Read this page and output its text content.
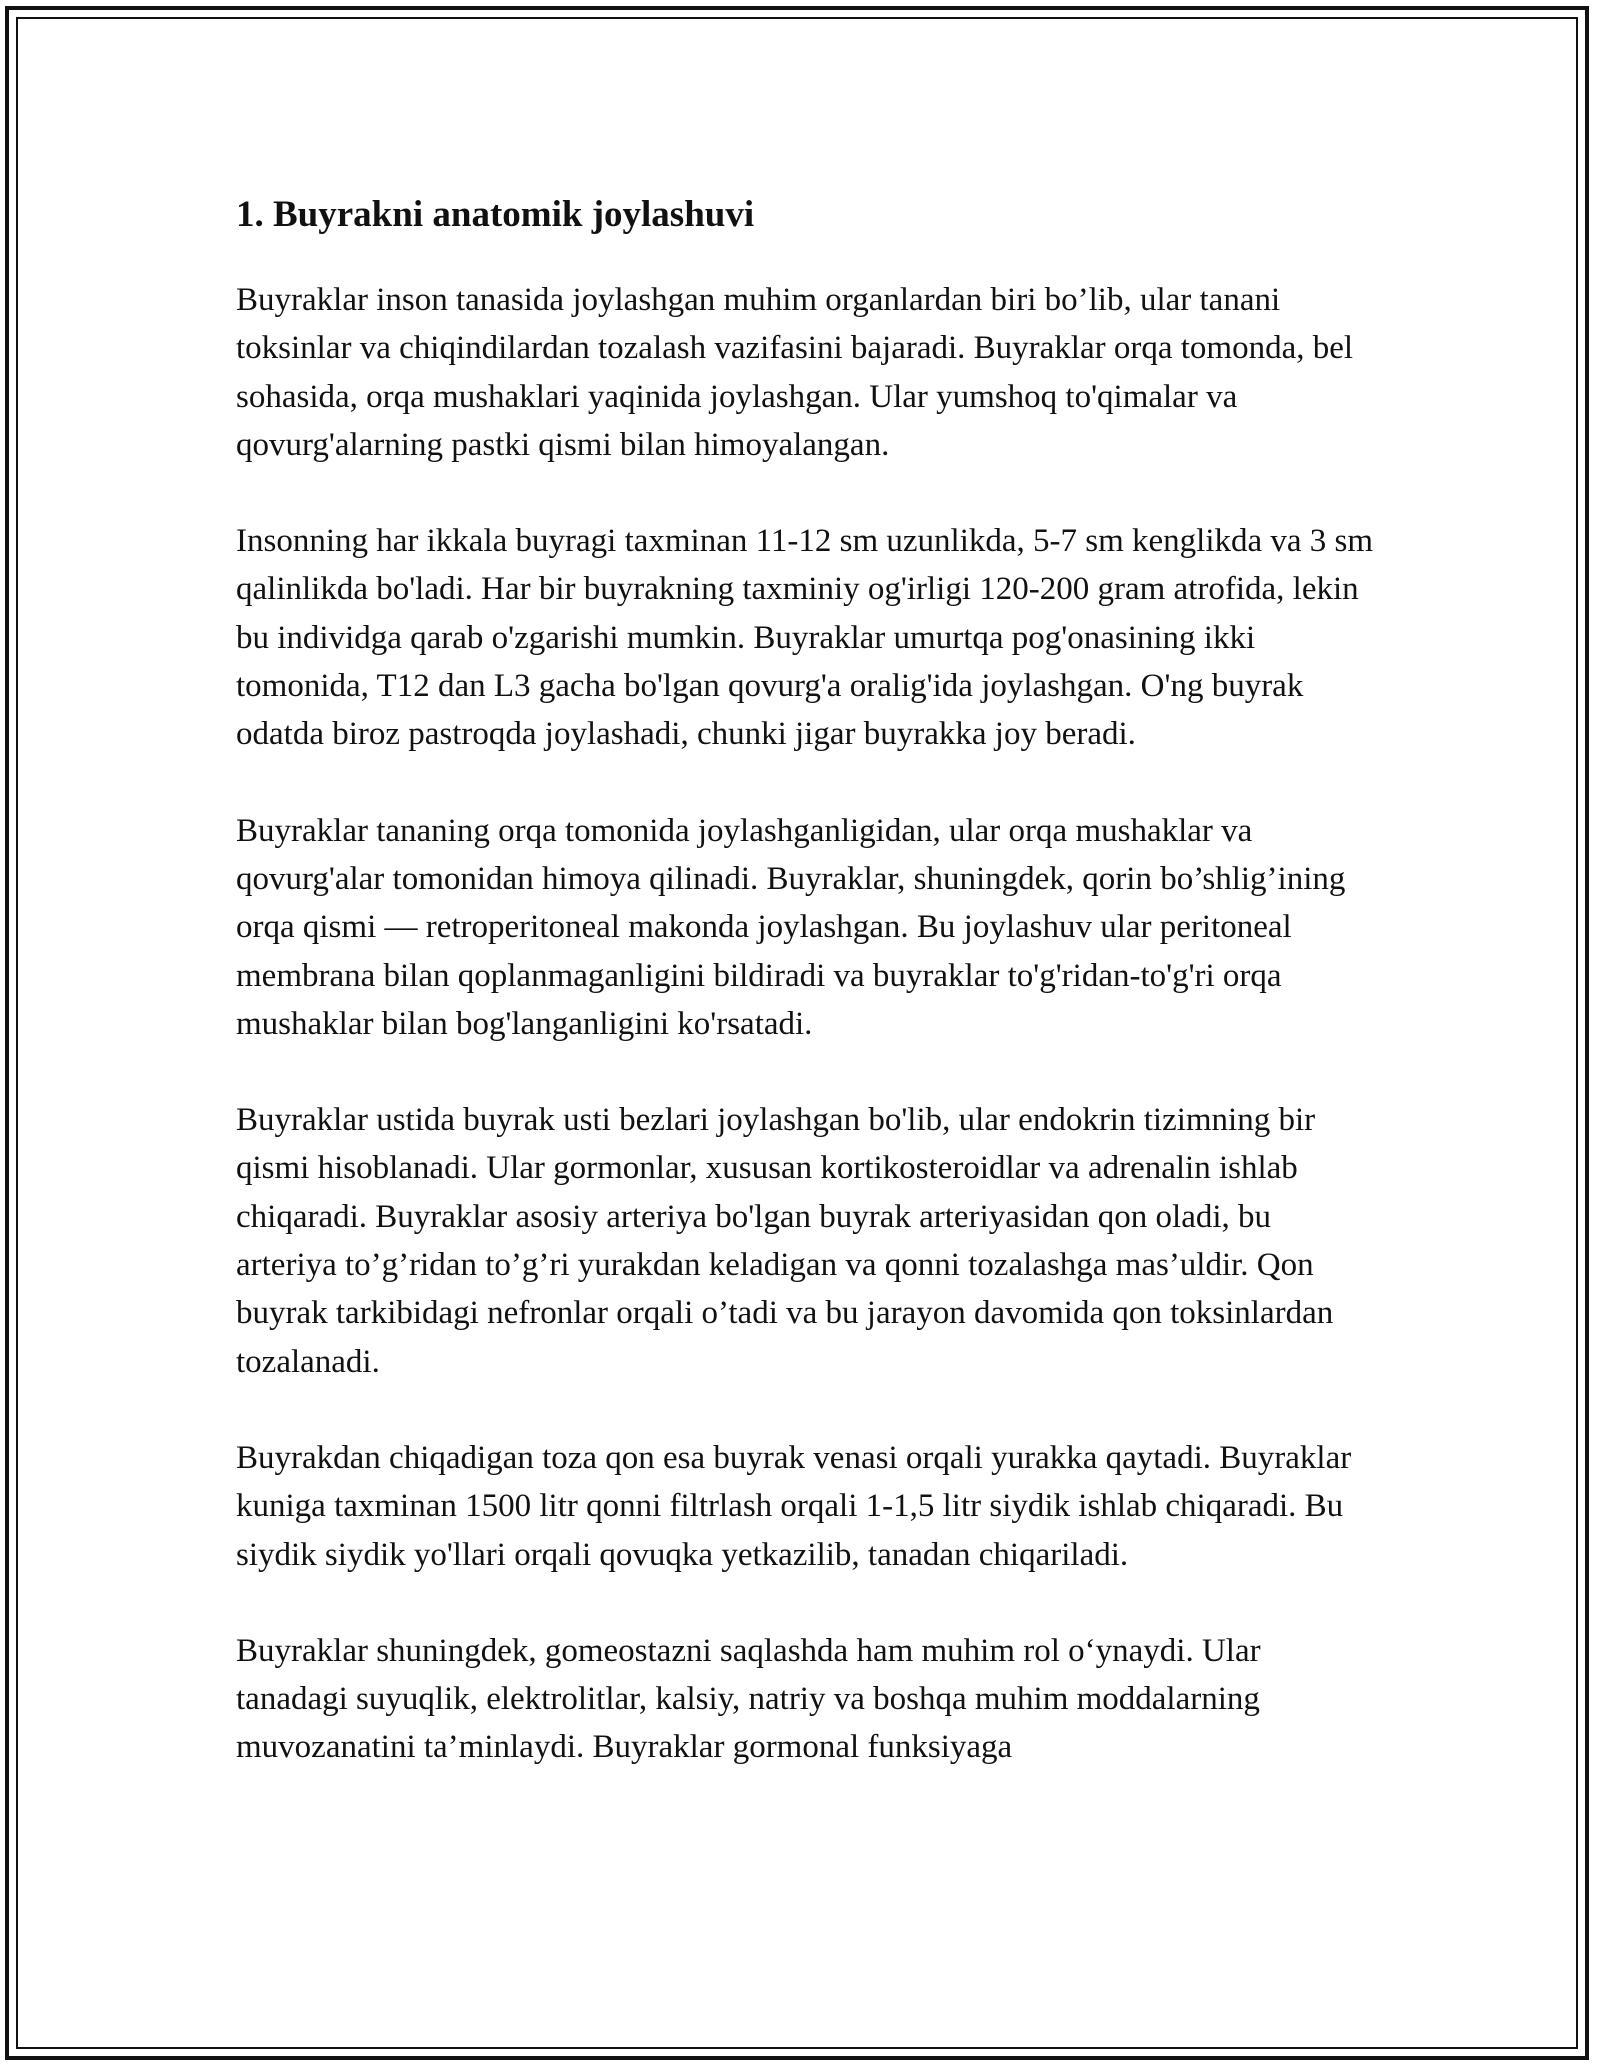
1. Buyrakni anatomik joylashuvi

Buyraklar inson tanasida joylashgan muhim organlardan biri bo’lib, ular tanani toksinlar va chiqindilardan tozalash vazifasini bajaradi. Buyraklar orqa tomonda, bel sohasida, orqa mushaklari yaqinida joylashgan. Ular yumshoq to'qimalar va qovurg'alarning pastki qismi bilan himoyalangan.

Insonning har ikkala buyragi taxminan 11-12 sm uzunlikda, 5-7 sm kenglikda va 3 sm qalinlikda bo'ladi. Har bir buyrakning taxminiy og'irligi 120-200 gram atrofida, lekin bu individga qarab o'zgarishi mumkin. Buyraklar umurtqa pog'onasining ikki tomonida, T12 dan L3 gacha bo'lgan qovurg'a oralig'ida joylashgan. O'ng buyrak odatda biroz pastroqda joylashadi, chunki jigar buyrakka joy beradi.

Buyraklar tananing orqa tomonida joylashganligidan, ular orqa mushaklar va qovurg'alar tomonidan himoya qilinadi. Buyraklar, shuningdek, qorin bo’shlig’ining orqa qismi — retroperitoneal makonda joylashgan. Bu joylashuv ular peritoneal membrana bilan qoplanmaganligini bildiradi va buyraklar to'g'ridan-to'g'ri orqa mushaklar bilan bog'langanligini ko'rsatadi.

Buyraklar ustida buyrak usti bezlari joylashgan bo'lib, ular endokrin tizimning bir qismi hisoblanadi. Ular gormonlar, xususan kortikosteroidlar va adrenalin ishlab chiqaradi. Buyraklar asosiy arteriya bo'lgan buyrak arteriyasidan qon oladi, bu arteriya to’g’ridan to’g’ri yurakdan keladigan va qonni tozalashga mas’uldir. Qon buyrak tarkibidagi nefronlar orqali o’tadi va bu jarayon davomida qon toksinlardan tozalanadi.

Buyrakdan chiqadigan toza qon esa buyrak venasi orqali yurakka qaytadi. Buyraklar kuniga taxminan 1500 litr qonni filtrlash orqali 1-1,5 litr siydik ishlab chiqaradi. Bu siydik siydik yo'llari orqali qovuqka yetkazilib, tanadan chiqariladi.

Buyraklar shuningdek, gomeostazni saqlashda ham muhim rol o‘ynaydi. Ular tanadagi suyuqlik, elektrolitlar, kalsiy, natriy va boshqa muhim moddalarning muvozanatini ta’minlaydi. Buyraklar gormonal funksiyaga
